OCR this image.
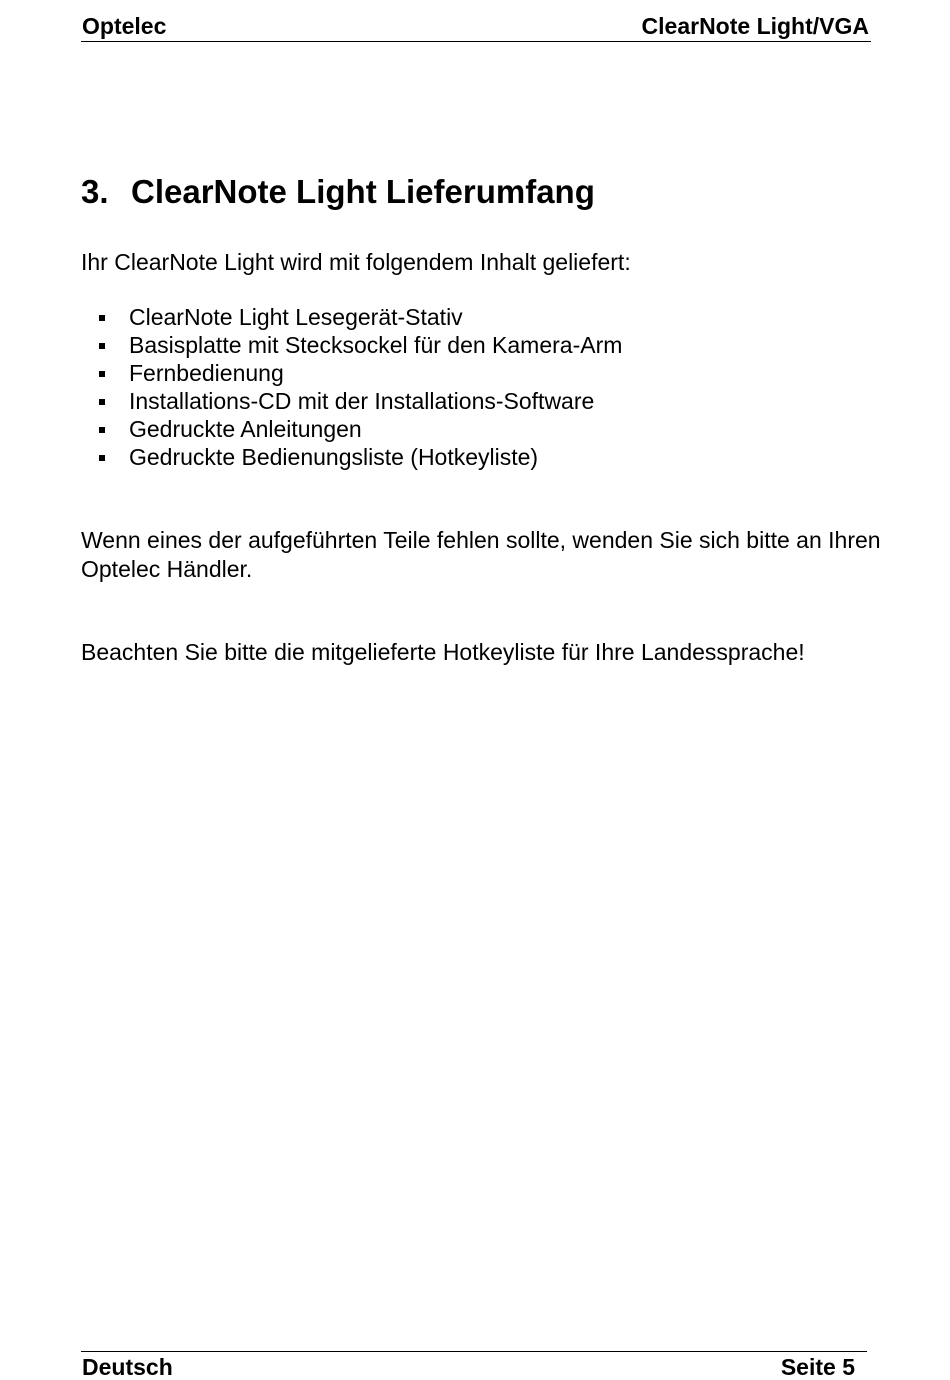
Optelec	ClearNote Light/VGA
3. ClearNote Light Lieferumfang

Ihr ClearNote Light wird mit folgendem Inhalt geliefert:

ClearNote Light Lesegerät-Stativ
Basisplatte mit Stecksockel für den Kamera-Arm
Fernbedienung
Installations-CD mit der Installations-Software
Gedruckte Anleitungen
Gedruckte Bedienungsliste (Hotkeyliste)

Wenn eines der aufgeführten Teile fehlen sollte, wenden Sie sich bitte an Ihren Optelec Händler.

Beachten Sie bitte die mitgelieferte Hotkeyliste für Ihre Landessprache!

Deutsch	Seite 5
